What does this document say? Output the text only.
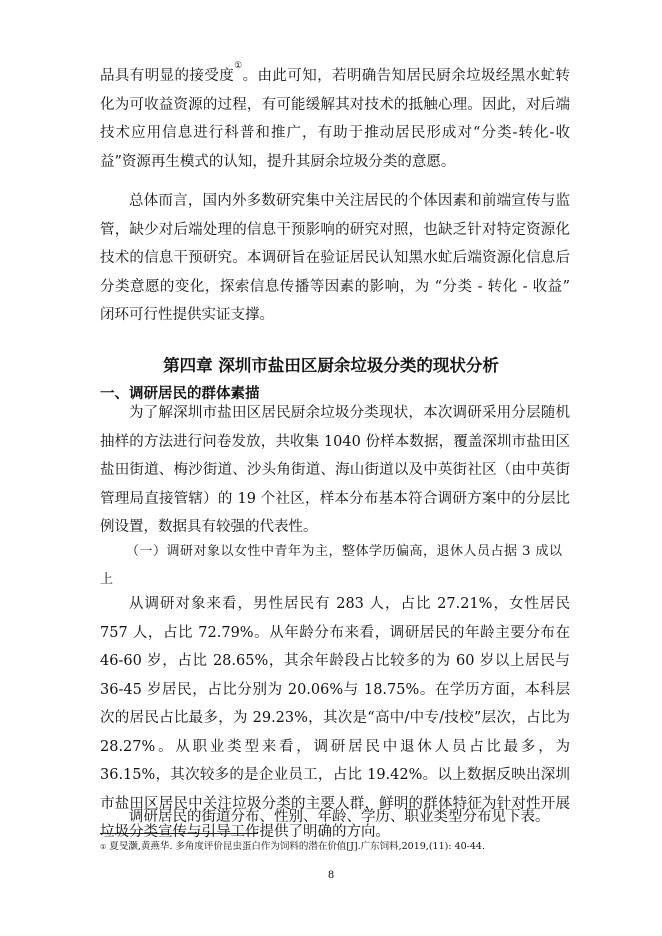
品具有明显的接受度①。由此可知，若明确告知居民厨余垃圾经黑水虻转化为可收益资源的过程，有可能缓解其对技术的抵触心理。因此，对后端技术应用信息进行科普和推广，有助于推动居民形成对“分类-转化-收益”资源再生模式的认知，提升其厨余垃圾分类的意愿。

总体而言，国内外多数研究集中关注居民的个体因素和前端宣传与监管，缺少对后端处理的信息干预影响的研究对照，也缺乏针对特定资源化技术的信息干预研究。本调研旨在验证居民认知黑水虻后端资源化信息后分类意愿的变化，探索信息传播等因素的影响，为 “分类 - 转化 - 收益” 闭环可行性提供实证支撑。

第四章 深圳市盐田区厨余垃圾分类的现状分析
一、调研居民的群体素描

为了解深圳市盐田区居民厨余垃圾分类现状，本次调研采用分层随机抽样的方法进行问卷发放，共收集 1040 份样本数据，覆盖深圳市盐田区盐田街道、梅沙街道、沙头角街道、海山街道以及中英街社区（由中英街管理局直接管辖）的 19 个社区，样本分布基本符合调研方案中的分层比例设置，数据具有较强的代表性。

（一）调研对象以女性中青年为主，整体学历偏高，退休人员占据 3 成以上

从调研对象来看，男性居民有 283 人，占比 27.21%，女性居民 757 人，占比 72.79%。从年龄分布来看，调研居民的年龄主要分布在 46-60 岁，占比 28.65%，其余年龄段占比较多的为 60 岁以上居民与 36-45 岁居民，占比分别为 20.06%与 18.75%。在学历方面，本科层次的居民占比最多，为 29.23%，其次是“高中/中专/技校”层次，占比为 28.27%。从职业类型来看，调研居民中退休人员占比最多，为 36.15%，其次较多的是企业员工，占比 19.42%。以上数据反映出深圳市盐田区居民中关注垃圾分类的主要人群，鲜明的群体特征为针对性开展垃圾分类宣传与引导工作提供了明确的方向。

调研居民的街道分布、性别、年龄、学历、职业类型分布见下表。

① 夏旻灏,黄燕华. 多角度评价昆虫蛋白作为饲料的潜在价值[J].广东饲料,2019,(11): 40-44.

8
